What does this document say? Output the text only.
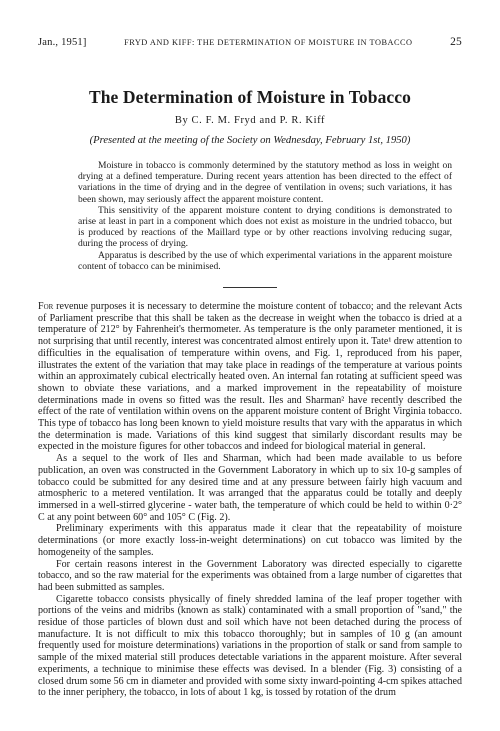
Jan., 1951]	FRYD AND KIFF: THE DETERMINATION OF MOISTURE IN TOBACCO	25
The Determination of Moisture in Tobacco
By C. F. M. Fryd and P. R. Kiff
(Presented at the meeting of the Society on Wednesday, February 1st, 1950)

Moisture in tobacco is commonly determined by the statutory method as loss in weight on drying at a defined temperature. During recent years attention has been directed to the effect of variations in the time of drying and in the degree of ventilation in ovens; such variations, it has been shown, may seriously affect the apparent moisture content.

This sensitivity of the apparent moisture content to drying conditions is demonstrated to arise at least in part in a component which does not exist as moisture in the undried tobacco, but is produced by reactions of the Maillard type or by other reactions involving reducing sugar, during the process of drying.

Apparatus is described by the use of which experimental variations in the apparent moisture content of tobacco can be minimised.

For revenue purposes it is necessary to determine the moisture content of tobacco; and the relevant Acts of Parliament prescribe that this shall be taken as the decrease in weight when the tobacco is dried at a temperature of 212° by Fahrenheit's thermometer. As temperature is the only parameter mentioned, it is not surprising that until recently, interest was concentrated almost entirely upon it. Tate¹ drew attention to difficulties in the equalisation of temperature within ovens, and Fig. 1, reproduced from his paper, illustrates the extent of the variation that may take place in readings of the temperature at various points within an approximately cubical electrically heated oven. An internal fan rotating at sufficient speed was shown to obviate these variations, and a marked improvement in the repeatability of moisture determinations made in ovens so fitted was the result. Iles and Sharman² have recently described the effect of the rate of ventilation within ovens on the apparent moisture content of Bright Virginia tobacco. This type of tobacco has long been known to yield moisture results that vary with the apparatus in which the determination is made. Variations of this kind suggest that similarly discordant results may be expected in the moisture figures for other tobaccos and indeed for biological material in general.

As a sequel to the work of Iles and Sharman, which had been made available to us before publication, an oven was constructed in the Government Laboratory in which up to six 10-g samples of tobacco could be submitted for any desired time and at any pressure between fairly high vacuum and atmospheric to a metered ventilation. It was arranged that the apparatus could be totally and deeply immersed in a well-stirred glycerine - water bath, the temperature of which could be held to within 0·2° C at any point between 60° and 105° C (Fig. 2).

Preliminary experiments with this apparatus made it clear that the repeatability of moisture determinations (or more exactly loss-in-weight determinations) on cut tobacco was limited by the homogeneity of the samples.

For certain reasons interest in the Government Laboratory was directed especially to cigarette tobacco, and so the raw material for the experiments was obtained from a large number of cigarettes that had been submitted as samples.

Cigarette tobacco consists physically of finely shredded lamina of the leaf proper together with portions of the veins and midribs (known as stalk) contaminated with a small proportion of "sand," the residue of those particles of blown dust and soil which have not been detached during the process of manufacture. It is not difficult to mix this tobacco thoroughly; but in samples of 10 g (an amount frequently used for moisture determinations) variations in the proportion of stalk or sand from sample to sample of the mixed material still produces detectable variations in the apparent moisture. After several experiments, a technique to minimise these effects was devised. In a blender (Fig. 3) consisting of a closed drum some 56 cm in diameter and provided with some sixty inward-pointing 4-cm spikes attached to the inner periphery, the tobacco, in lots of about 1 kg, is tossed by rotation of the drum
